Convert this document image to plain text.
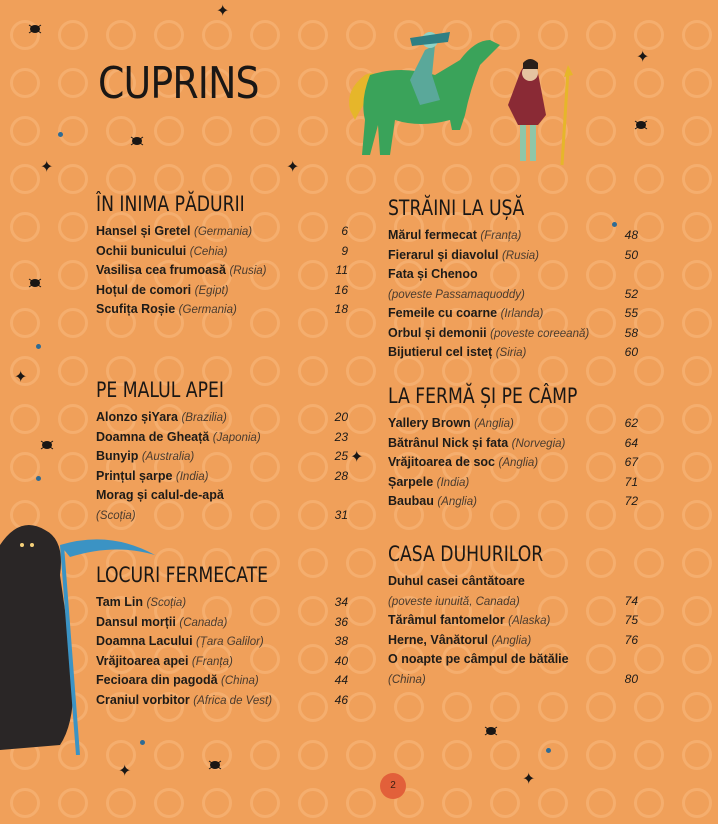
CUPRINS
✦
✦
✦	✦
✦
✦	✦
✦
ÎN INIMA PĂDURII
Hansel și Gretel (Germania)	6
Ochii bunicului (Cehia)	9
Vasilisa cea frumoasă (Rusia)	11
Hoțul de comori (Egipt)	16
Scufița Roșie (Germania)	18
PE MALUL APEI
Alonzo șiYara (Brazilia)	20
Doamna de Gheață (Japonia)	23
Bunyip (Australia)	25
Prințul șarpe (India)	28
Morag și calul-de-apă
(Scoția)	31
LOCURI FERMECATE
Tam Lin (Scoția)	34
Dansul morții (Canada)	36
Doamna Lacului (Țara Galilor)	38
Vrăjitoarea apei (Franța)	40
Fecioara din pagodă (China)	44
Craniul vorbitor (Africa de Vest)	46
STRĂINI LA UȘĂ
Mărul fermecat (Franța)	48
Fierarul și diavolul (Rusia)	50
Fata și Chenoo
(poveste Passamaquoddy)	52
Femeile cu coarne (Irlanda)	55
Orbul și demonii (poveste coreeană)	58
Bijutierul cel isteț (Siria)	60
LA FERMĂ ȘI PE CÂMP
Yallery Brown (Anglia)	62
Bătrânul Nick și fata (Norvegia)	64
Vrăjitoarea de soc (Anglia)	67
Șarpele (India)	71
Baubau (Anglia)	72
CASA DUHURILOR
Duhul casei cântătoare
(poveste iunuită, Canada)	74
Tărâmul fantomelor (Alaska)	75
Herne, Vânătorul (Anglia)	76
O noapte pe câmpul de bătălie
(China)	80
2
